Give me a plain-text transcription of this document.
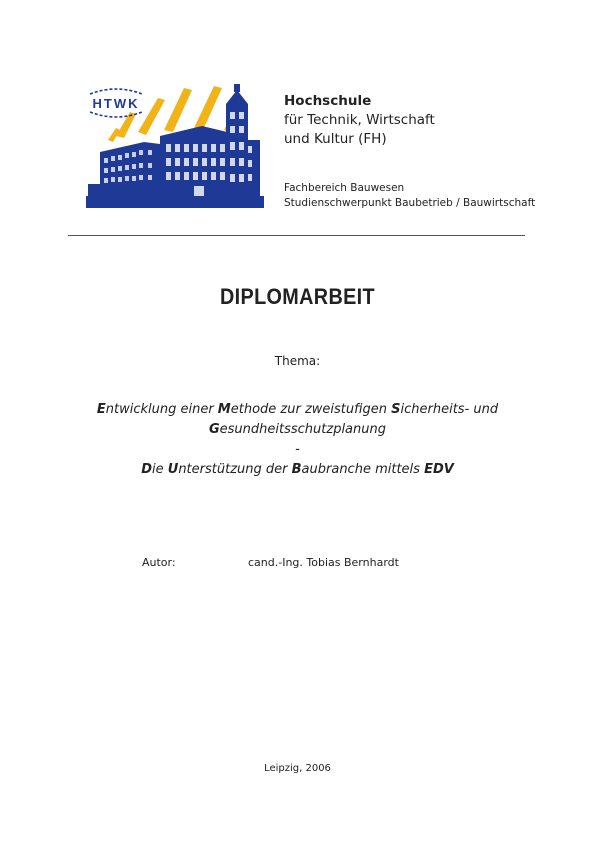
HTWK	Hochschule
für Technik, Wirtschaft
und Kultur (FH)
Fachbereich Bauwesen
Studienschwerpunkt Baubetrieb / Bauwirtschaft
DIPLOMARBEIT
Thema:
Entwicklung einer Methode zur zweistufigen Sicherheits- und
Gesundheitsschutzplanung
-
Die Unterstützung der Baubranche mittels EDV
Autor:	cand.-Ing. Tobias Bernhardt
Leipzig, 2006
